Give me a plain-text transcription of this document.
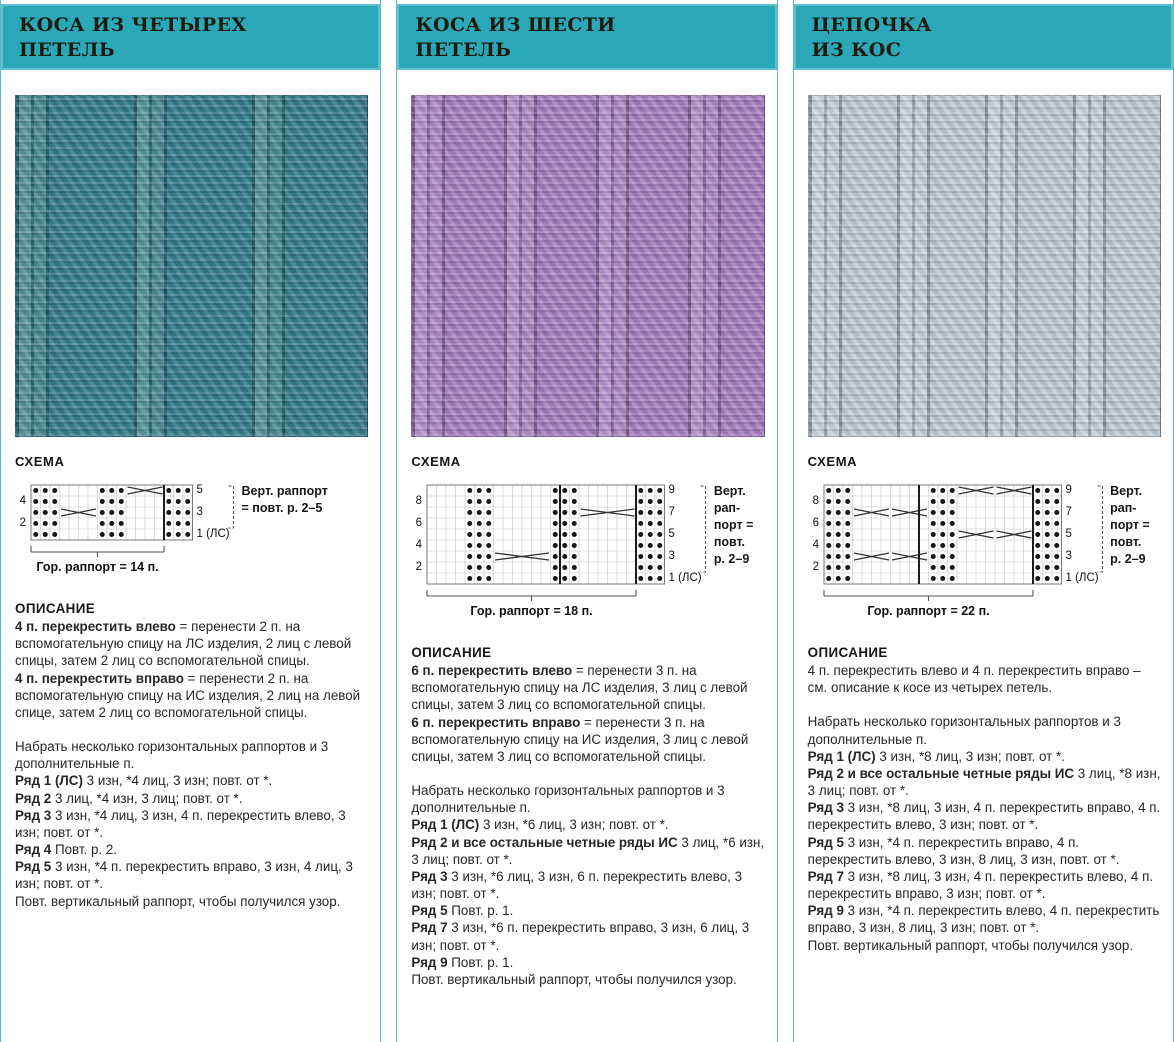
КОСА ИЗ ЧЕТЫРЕХ
ПЕТЕЛЬ
СХЕМА
4
2
5
3
1 (ЛС)
Гор. раппорт = 14 п.
Верт. раппорт
= повт. р. 2–5
ОПИСАНИЕ

4 п. перекрестить влево = перенести 2 п. на вспомогательную спицу на ЛС изделия, 2 лиц с левой спицы, затем 2 лиц со вспомогательной спицы.

4 п. перекрестить вправо = перенести 2 п. на вспомогательную спицу на ИС изделия, 2 лиц на левой спице, затем 2 лиц со вспомогательной спицы.

Набрать несколько горизонтальных раппортов и 3 дополнительные п.

Ряд 1 (ЛС) 3 изн, *4 лиц, 3 изн; повт. от *.

Ряд 2 3 лиц, *4 изн, 3 лиц; повт. от *.

Ряд 3 3 изн, *4 лиц, 3 изн, 4 п. перекрестить влево, 3 изн; повт. от *.

Ряд 4 Повт. р. 2.

Ряд 5 3 изн, *4 п. перекрестить вправо, 3 изн, 4 лиц, 3 изн; повт. от *.

Повт. вертикальный раппорт, чтобы получился узор.

КОСА ИЗ ШЕСТИ
ПЕТЕЛЬ
СХЕМА
8
6
4
2
9
7
5
3
1 (ЛС)
Гор. раппорт = 18 п.
Верт.
рап-
порт =
повт.
р. 2–9
ОПИСАНИЕ

6 п. перекрестить влево = перенести 3 п. на вспомогательную спицу на ЛС изделия, 3 лиц с левой спицы, затем 3 лиц со вспомогательной спицы.

6 п. перекрестить вправо = перенести 3 п. на вспомогательную спицу на ИС изделия, 3 лиц с левой спицы, затем 3 лиц со вспомогательной спицы.

Набрать несколько горизонтальных раппортов и 3 дополнительные п.

Ряд 1 (ЛС) 3 изн, *6 лиц, 3 изн; повт. от *.

Ряд 2 и все остальные четные ряды ИС 3 лиц, *6 изн, 3 лиц; повт. от *.

Ряд 3 3 изн, *6 лиц, 3 изн, 6 п. перекрестить влево, 3 изн; повт. от *.

Ряд 5 Повт. р. 1.

Ряд 7 3 изн, *6 п. перекрестить вправо, 3 изн, 6 лиц, 3 изн; повт. от *.

Ряд 9 Повт. р. 1.

Повт. вертикальный раппорт, чтобы получился узор.

ЦЕПОЧКА
ИЗ КОС
СХЕМА
8
6
4
2
9
7
5
3
1 (ЛС)
Гор. раппорт = 22 п.
Верт.
рап-
порт =
повт.
р. 2–9
ОПИСАНИЕ

4 п. перекрестить влево и 4 п. перекрестить вправо – см. описание к косе из четырех петель.

Набрать несколько горизонтальных раппортов и 3 дополнительные п.

Ряд 1 (ЛС) 3 изн, *8 лиц, 3 изн; повт. от *.

Ряд 2 и все остальные четные ряды ИС 3 лиц, *8 изн, 3 лиц; повт. от *.

Ряд 3 3 изн, *8 лиц, 3 изн, 4 п. перекрестить вправо, 4 п. перекрестить влево, 3 изн; повт. от *.

Ряд 5 3 изн, *4 п. перекрестить вправо, 4 п. перекрестить влево, 3 изн, 8 лиц, 3 изн, повт. от *.

Ряд 7 3 изн, *8 лиц, 3 изн, 4 п. перекрестить влево, 4 п. перекрестить вправо, 3 изн; повт. от *.

Ряд 9 3 изн, *4 п. перекрестить влево, 4 п. перекрестить вправо, 3 изн, 8 лиц, 3 изн; повт. от *.

Повт. вертикальный раппорт, чтобы получился узор.
